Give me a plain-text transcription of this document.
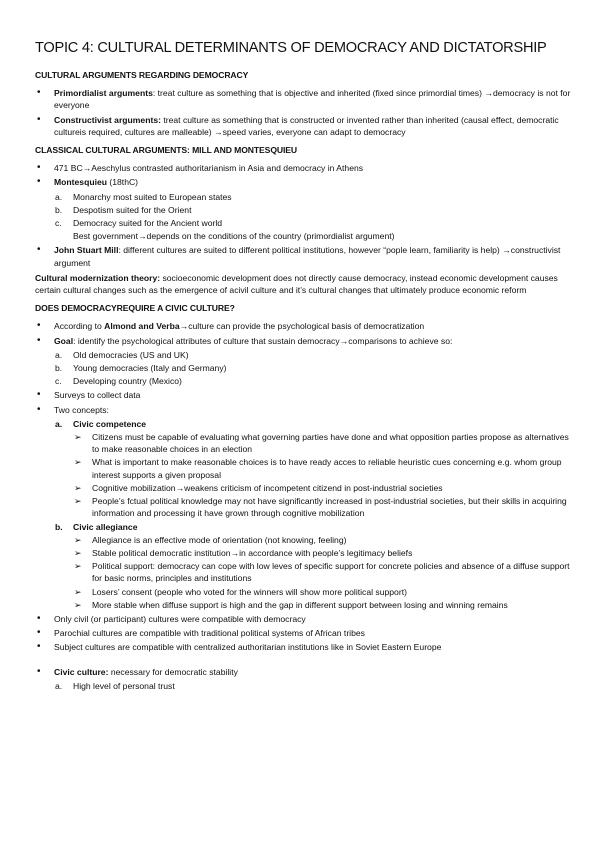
TOPIC 4: CULTURAL DETERMINANTS OF DEMOCRACY AND DICTATORSHIP
CULTURAL ARGUMENTS REGARDING DEMOCRACY
• Primordialist arguments: treat culture as something that is objective and inherited (fixed since primordial times) →democracy is not for everyone
• Constructivist arguments: treat culture as something that is constructed or invented rather than inherited (causal effect, democratic cultureis required, cultures are malleable) →speed varies, everyone can adapt to democracy
CLASSICAL CULTURAL ARGUMENTS: MILL AND MONTESQUIEU
• 471 BC→Aeschylus contrasted authoritarianism in Asia and democracy in Athens
• Montesquieu (18thC)
a. Monarchy most suited to European states
b. Despotism suited for the Orient
c. Democracy suited for the Ancient world
Best government→depends on the conditions of the country (primordialist argument)
• John Stuart Mill: different cultures are suited to different political institutions, however “pople learn, familiarity is help) →constructivist argument

Cultural modernization theory: socioeconomic development does not directly cause democracy, instead economic development causes certain cultural changes such as the emergence of acivil culture and it’s cultural changes that ultimately produce economic reform

DOES DEMOCRACYREQUIRE A CIVIC CULTURE?
• According to Almond and Verba→culture can provide the psychological basis of democratization
• Goal: identify the psychological attributes of culture that sustain democracy→comparisons to achieve so:
a. Old democracies (US and UK)
b. Young democracies (Italy and Germany)
c. Developing country (Mexico)
• Surveys to collect data
• Two concepts:
a. Civic competence
➢ Citizens must be capable of evaluating what governing parties have done and what opposition parties propose as alternatives to make reasonable choices in an election
➢ What is important to make reasonable choices is to have ready acces to reliable heuristic cues concerning e.g. whom group interest supports a given proposal
➢ Cognitive mobilization→weakens criticism of incompetent citizend in post-industrial societies
➢ People’s fctual political knowledge may not have significantly increased in post-industrial societies, but their skills in acquiring information and processing it have grown through cognitive mobilization
b. Civic allegiance
➢ Allegiance is an effective mode of orientation (not knowing, feeling)
➢ Stable political democratic institution→in accordance with people’s legitimacy beliefs
➢ Political support: democracy can cope with low leves of specific support for concrete policies and absence of a diffuse support for basic norms, principles and institutions
➢ Losers’ consent (people who voted for the winners will show more political support)
➢ More stable when diffuse support is high and the gap in different support between losing and winning remains
• Only civil (or participant) cultures were compatible with democracy
• Parochial cultures are compatible with traditional political systems of African tribes
• Subject cultures are compatible with centralized authoritarian institutions like in Soviet Eastern Europe
• Civic culture: necessary for democratic stability
a. High level of personal trust
